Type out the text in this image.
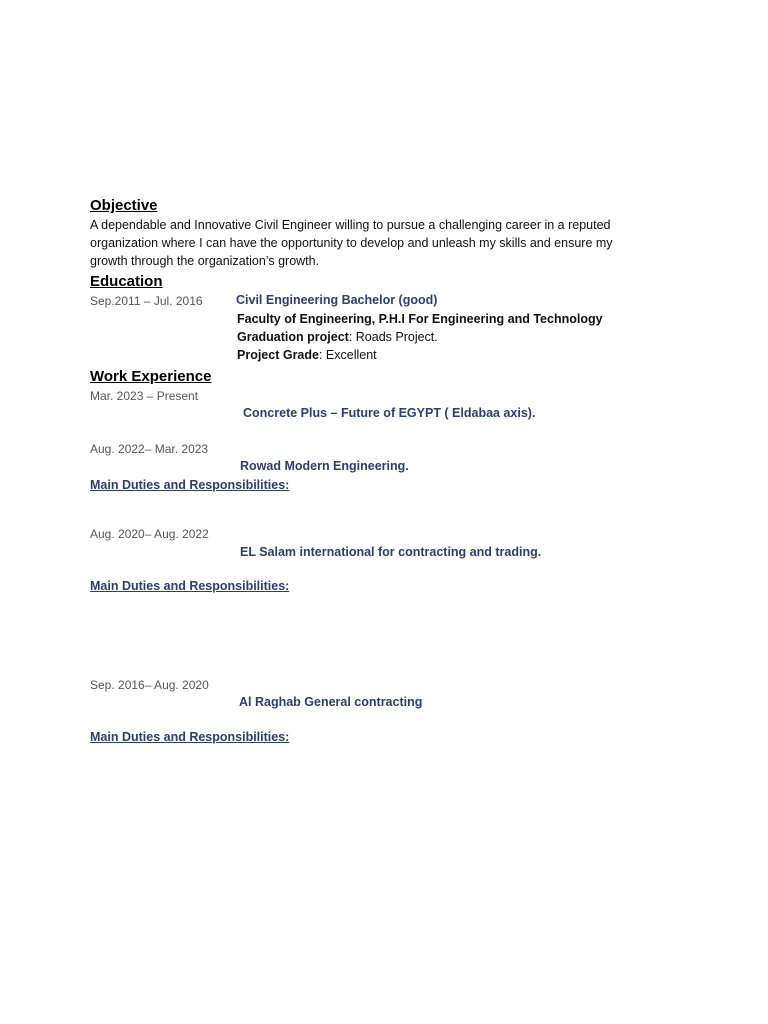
Objective
A dependable and Innovative Civil Engineer willing to pursue a challenging career in a reputed
organization where I can have the opportunity to develop and unleash my skills and ensure my
growth through the organization’s growth.
Education
Sep.2011 – Jul. 2016	Civil Engineering Bachelor (good)
Faculty of Engineering, P.H.I For Engineering and Technology
Graduation project: Roads Project.
Project Grade: Excellent
Work Experience
Mar. 2023 – Present
Concrete Plus – Future of EGYPT ( Eldabaa axis).
Aug. 2022– Mar. 2023
Rowad Modern Engineering.
Main Duties and Responsibilities:
Aug. 2020– Aug. 2022
EL Salam international for contracting and trading.
Main Duties and Responsibilities:
Sep. 2016– Aug. 2020
Al Raghab General contracting
Main Duties and Responsibilities:
